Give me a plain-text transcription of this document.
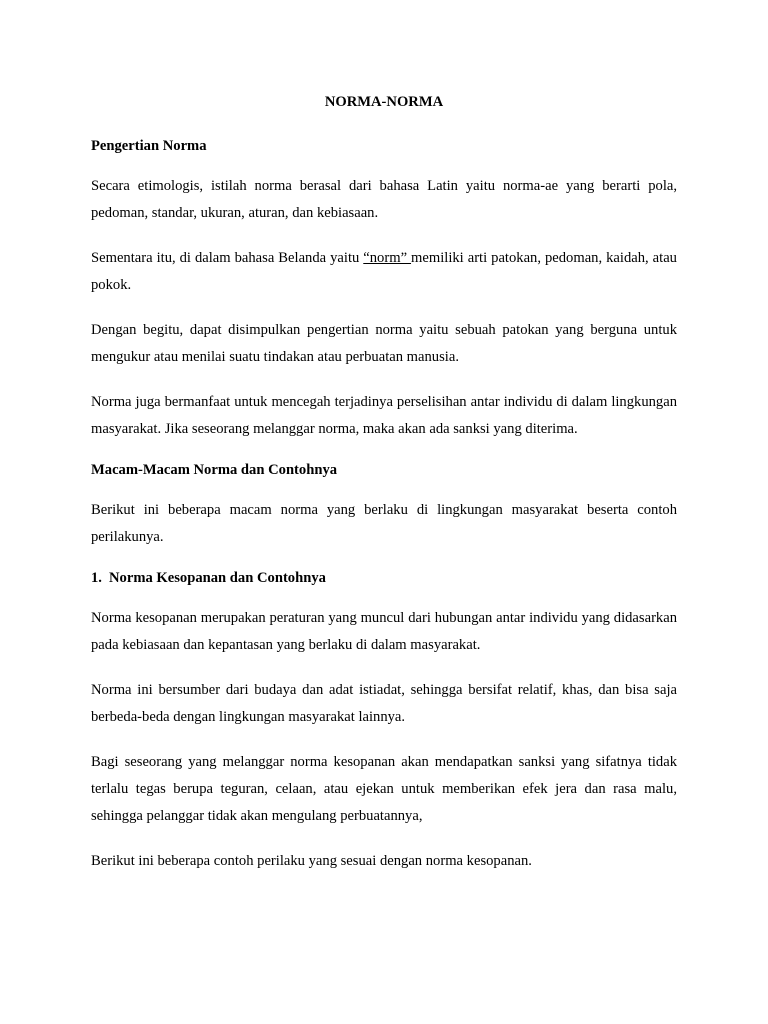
NORMA-NORMA
Pengertian Norma

Secara etimologis, istilah norma berasal dari bahasa Latin yaitu norma-ae yang berarti pola, pedoman, standar, ukuran, aturan, dan kebiasaan.

Sementara itu, di dalam bahasa Belanda yaitu “norm” memiliki arti patokan, pedoman, kaidah, atau pokok.

Dengan begitu, dapat disimpulkan pengertian norma yaitu sebuah patokan yang berguna untuk mengukur atau menilai suatu tindakan atau perbuatan manusia.

Norma juga bermanfaat untuk mencegah terjadinya perselisihan antar individu di dalam lingkungan masyarakat. Jika seseorang melanggar norma, maka akan ada sanksi yang diterima.

Macam-Macam Norma dan Contohnya

Berikut ini beberapa macam norma yang berlaku di lingkungan masyarakat beserta contoh perilakunya.

1. Norma Kesopanan dan Contohnya

Norma kesopanan merupakan peraturan yang muncul dari hubungan antar individu yang didasarkan pada kebiasaan dan kepantasan yang berlaku di dalam masyarakat.

Norma ini bersumber dari budaya dan adat istiadat, sehingga bersifat relatif, khas, dan bisa saja berbeda-beda dengan lingkungan masyarakat lainnya.

Bagi seseorang yang melanggar norma kesopanan akan mendapatkan sanksi yang sifatnya tidak terlalu tegas berupa teguran, celaan, atau ejekan untuk memberikan efek jera dan rasa malu, sehingga pelanggar tidak akan mengulang perbuatannya,

Berikut ini beberapa contoh perilaku yang sesuai dengan norma kesopanan.
